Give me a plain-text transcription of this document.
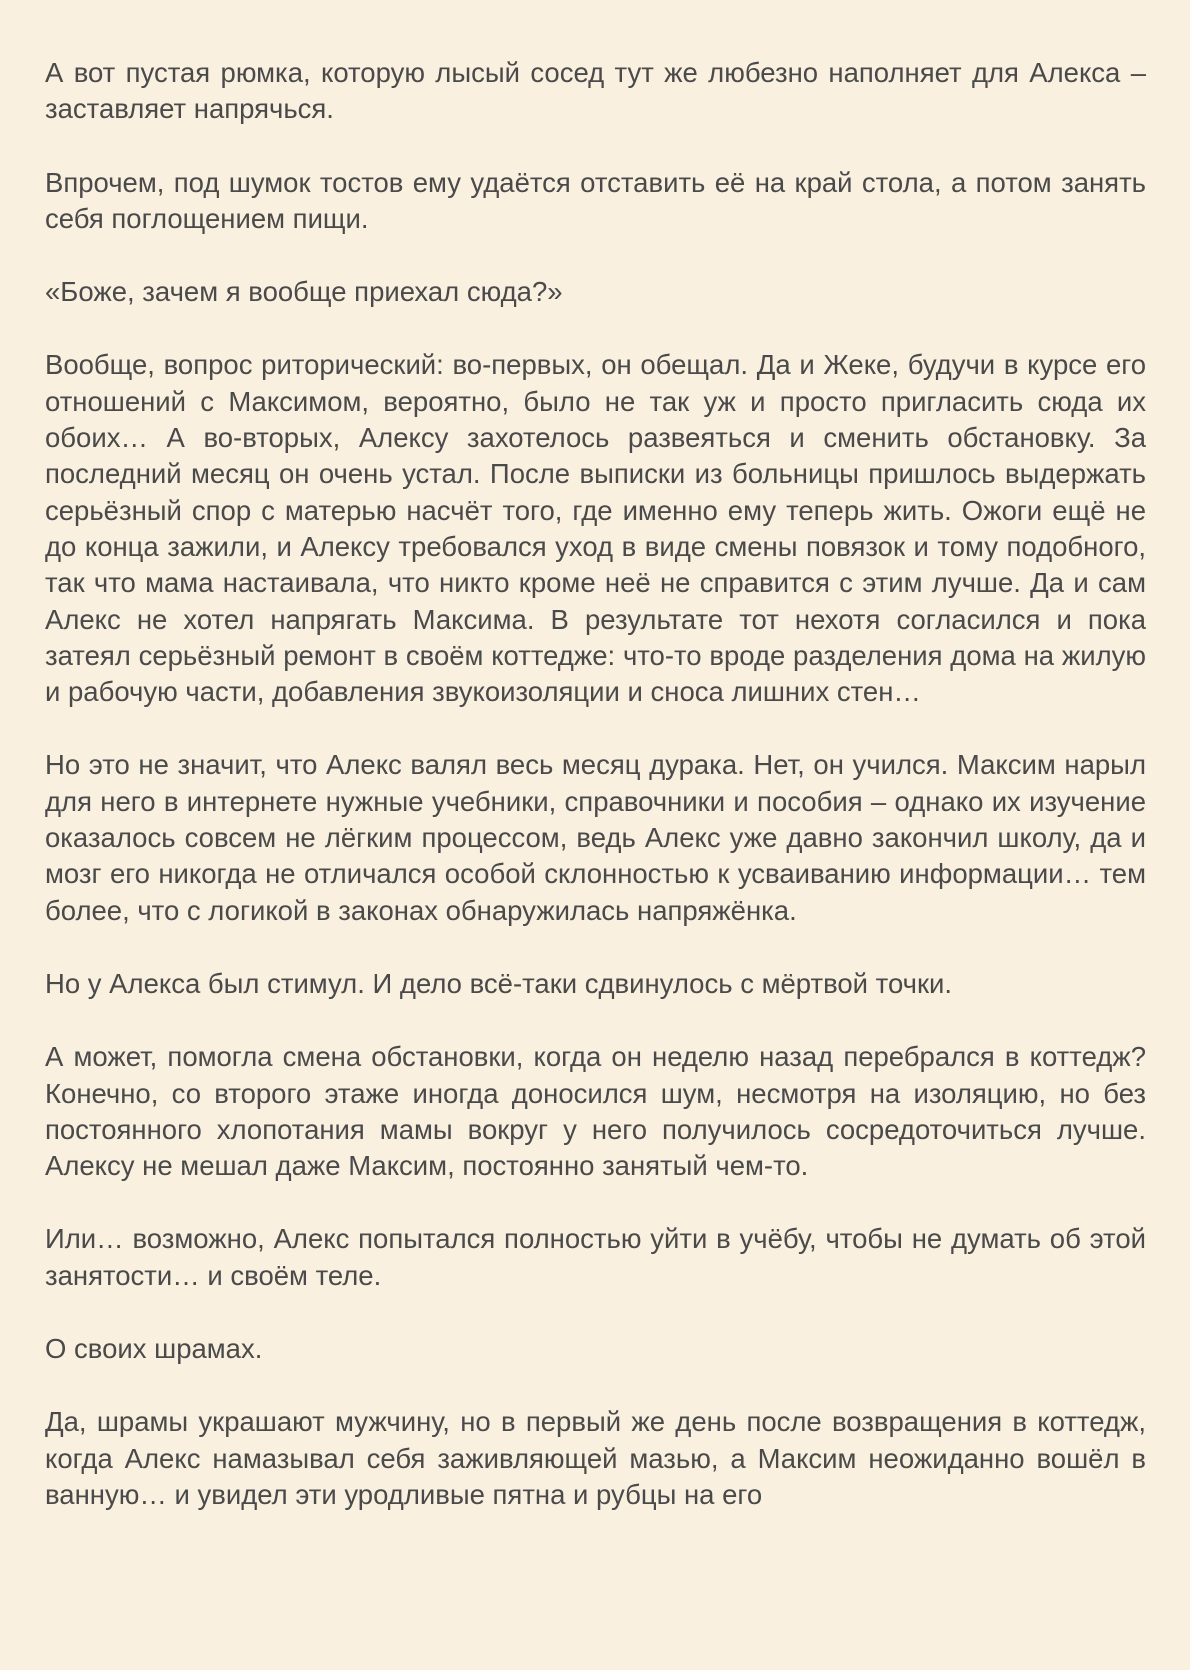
А вот пустая рюмка, которую лысый сосед тут же любезно наполняет для Алекса – заставляет напрячься.

Впрочем, под шумок тостов ему удаётся отставить её на край стола, а потом занять себя поглощением пищи.

«Боже, зачем я вообще приехал сюда?»

Вообще, вопрос риторический: во-первых, он обещал. Да и Жеке, будучи в курсе его отношений с Максимом, вероятно, было не так уж и просто пригласить сюда их обоих… А во-вторых, Алексу захотелось развеяться и сменить обстановку. За последний месяц он очень устал. После выписки из больницы пришлось выдержать серьёзный спор с матерью насчёт того, где именно ему теперь жить. Ожоги ещё не до конца зажили, и Алексу требовался уход в виде смены повязок и тому подобного, так что мама настаивала, что никто кроме неё не справится с этим лучше. Да и сам Алекс не хотел напрягать Максима. В результате тот нехотя согласился и пока затеял серьёзный ремонт в своём коттедже: что-то вроде разделения дома на жилую и рабочую части, добавления звукоизоляции и сноса лишних стен…

Но это не значит, что Алекс валял весь месяц дурака. Нет, он учился. Максим нарыл для него в интернете нужные учебники, справочники и пособия – однако их изучение оказалось совсем не лёгким процессом, ведь Алекс уже давно закончил школу, да и мозг его никогда не отличался особой склонностью к усваиванию информации… тем более, что с логикой в законах обнаружилась напряжёнка.

Но у Алекса был стимул. И дело всё-таки сдвинулось с мёртвой точки.

А может, помогла смена обстановки, когда он неделю назад перебрался в коттедж? Конечно, со второго этаже иногда доносился шум, несмотря на изоляцию, но без постоянного хлопотания мамы вокруг у него получилось сосредоточиться лучше. Алексу не мешал даже Максим, постоянно занятый чем-то.

Или… возможно, Алекс попытался полностью уйти в учёбу, чтобы не думать об этой занятости… и своём теле.

О своих шрамах.

Да, шрамы украшают мужчину, но в первый же день после возвращения в коттедж, когда Алекс намазывал себя заживляющей мазью, а Максим неожиданно вошёл в ванную… и увидел эти уродливые пятна и рубцы на его
